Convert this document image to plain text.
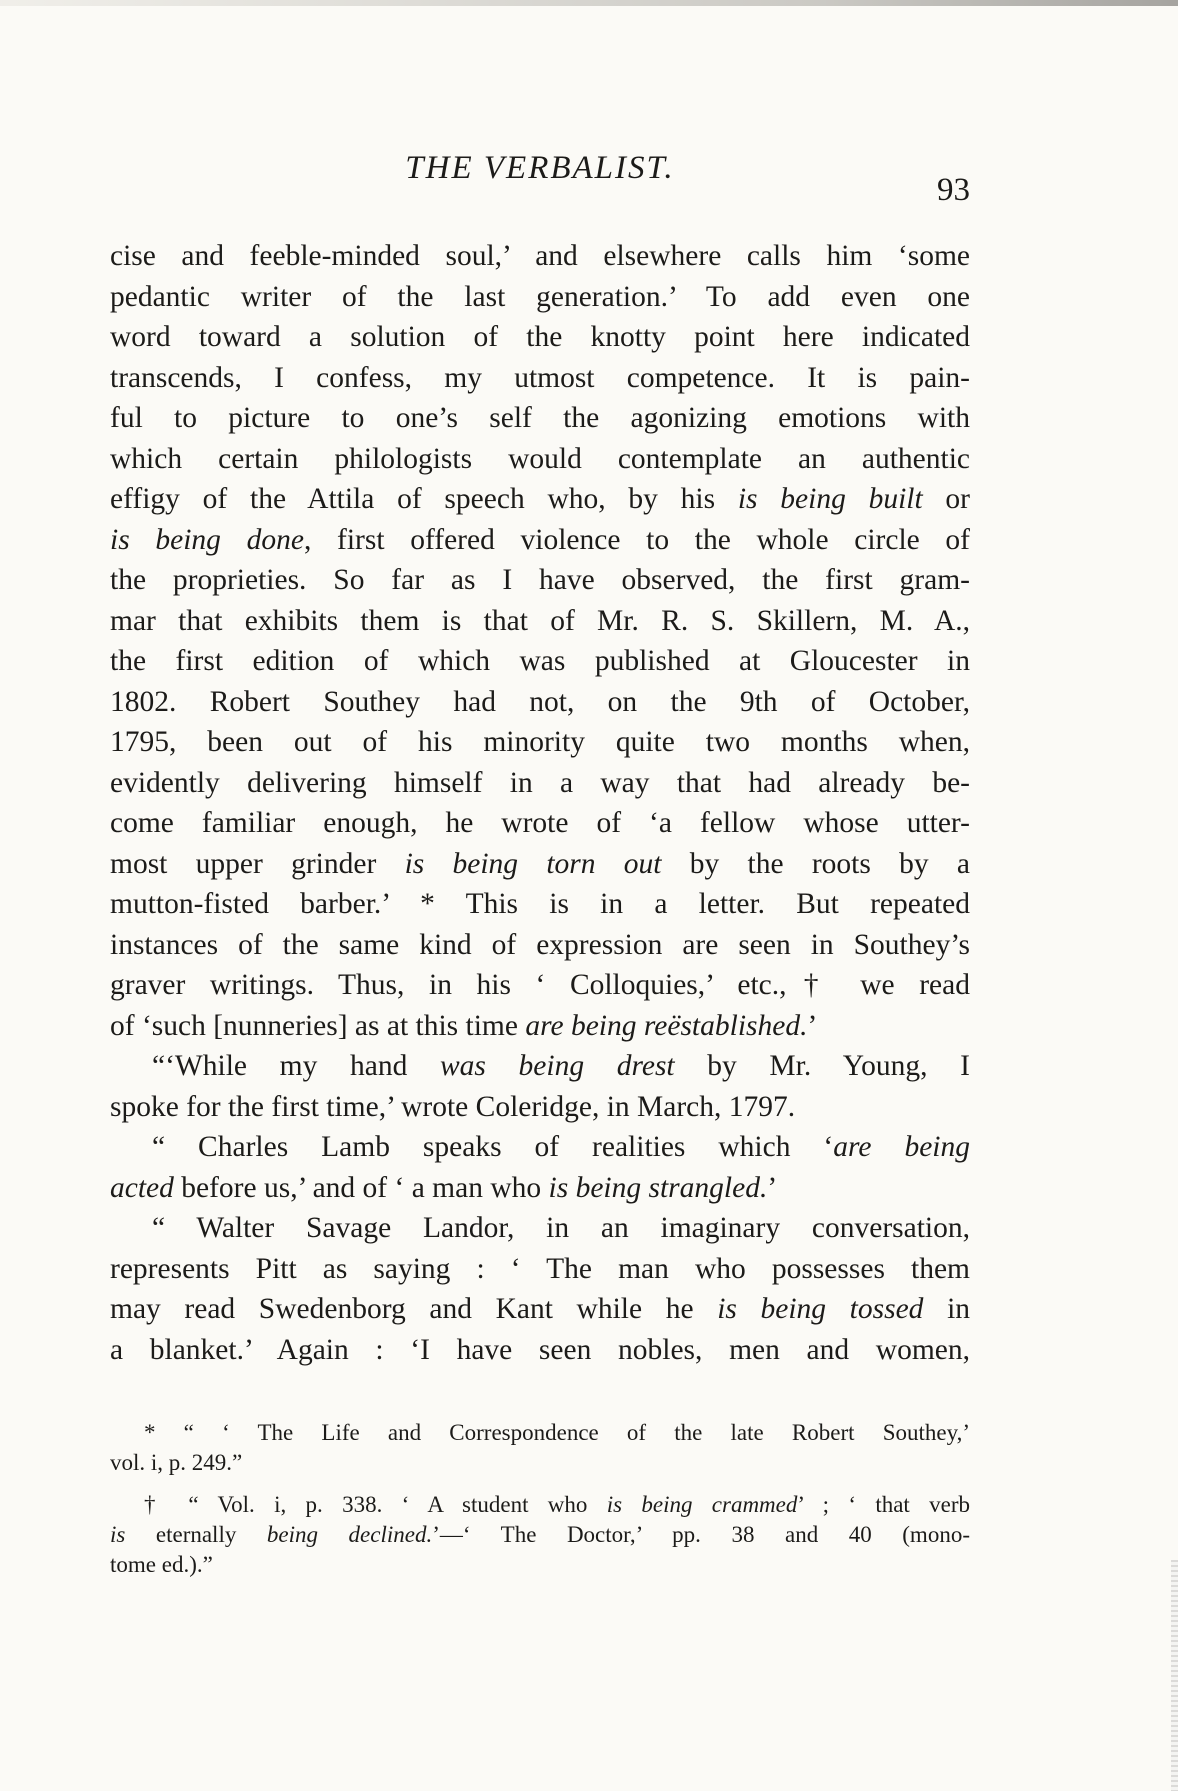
THE VERBALIST.
93
cise and feeble-minded soul,’ and elsewhere calls him ‘some
pedantic writer of the last generation.’ To add even one
word toward a solution of the knotty point here indicated
transcends, I confess, my utmost competence. It is pain-
ful to picture to one’s self the agonizing emotions with
which certain philologists would contemplate an authentic
effigy of the Attila of speech who, by his is being built or
is being done, first offered violence to the whole circle of
the proprieties. So far as I have observed, the first gram-
mar that exhibits them is that of Mr. R. S. Skillern, M. A.,
the first edition of which was published at Gloucester in
1802. Robert Southey had not, on the 9th of October,
1795, been out of his minority quite two months when,
evidently delivering himself in a way that had already be-
come familiar enough, he wrote of ‘a fellow whose utter-
most upper grinder is being torn out by the roots by a
mutton-fisted barber.’ * This is in a letter. But repeated
instances of the same kind of expression are seen in Southey’s
graver writings. Thus, in his ‘ Colloquies,’ etc.,† we read
of ‘such [nunneries] as at this time are being reëstablished.’
“‘While my hand was being drest by Mr. Young, I
spoke for the first time,’ wrote Coleridge, in March, 1797.
“ Charles Lamb speaks of realities which ‘are being
acted before us,’ and of ‘ a man who is being strangled.’
“ Walter Savage Landor, in an imaginary conversation,
represents Pitt as saying : ‘ The man who possesses them
may read Swedenborg and Kant while he is being tossed in
a blanket.’ Again : ‘I have seen nobles, men and women,
* “ ‘ The Life and Correspondence of the late Robert Southey,’
vol. i, p. 249.”
† “ Vol. i, p. 338. ‘ A student who is being crammed’ ; ‘ that verb
is eternally being declined.’—‘ The Doctor,’ pp. 38 and 40 (mono-
tome ed.).”
